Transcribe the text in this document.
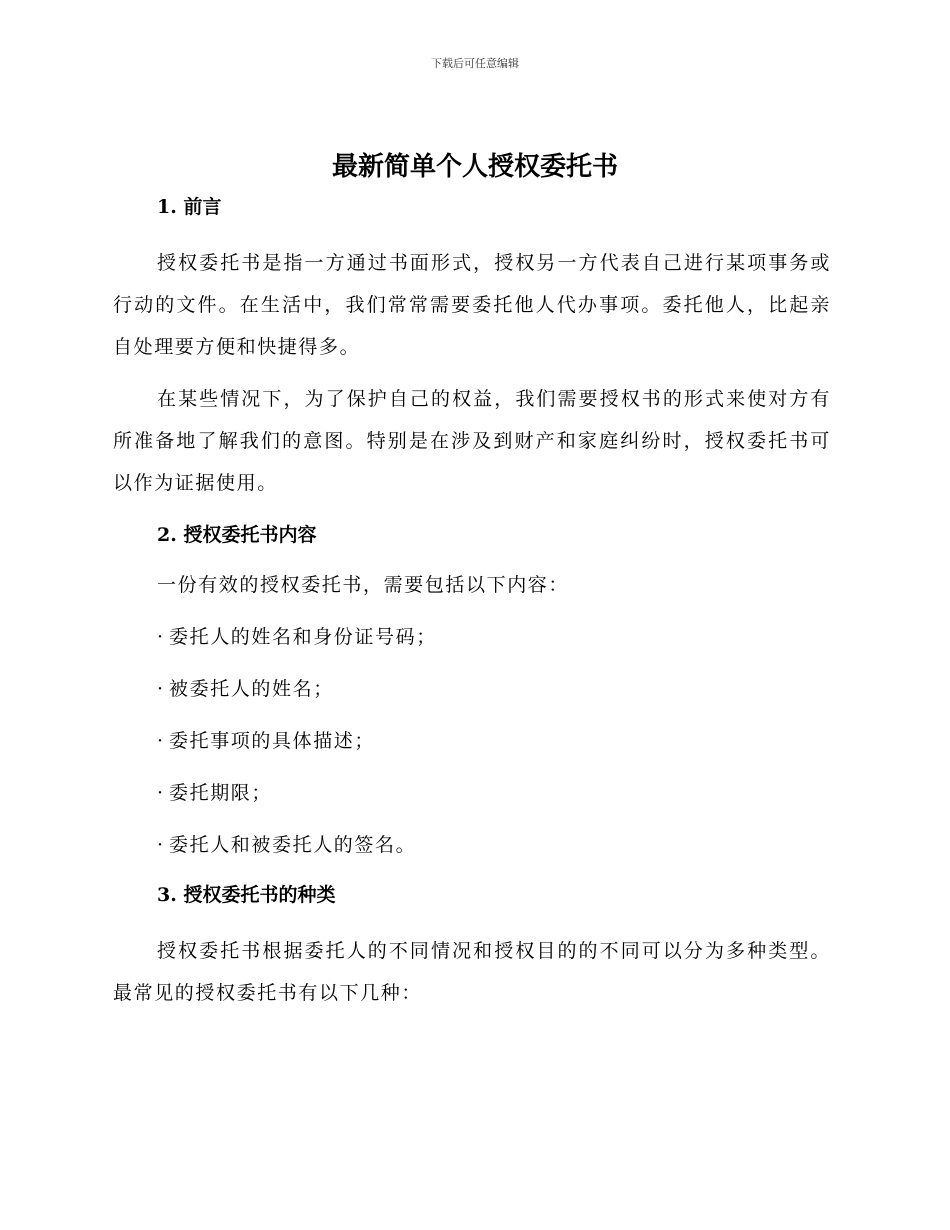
下载后可任意编辑
最新简单个人授权委托书

1. 前言

授权委托书是指一方通过书面形式，授权另一方代表自己进行某项事务或行动的文件。在生活中，我们常常需要委托他人代办事项。委托他人，比起亲自处理要方便和快捷得多。

在某些情况下，为了保护自己的权益，我们需要授权书的形式来使对方有所准备地了解我们的意图。特别是在涉及到财产和家庭纠纷时，授权委托书可以作为证据使用。

2. 授权委托书内容

一份有效的授权委托书，需要包括以下内容：

· 委托人的姓名和身份证号码；

· 被委托人的姓名；

· 委托事项的具体描述；

· 委托期限；

· 委托人和被委托人的签名。

3. 授权委托书的种类

授权委托书根据委托人的不同情况和授权目的的不同可以分为多种类型。最常见的授权委托书有以下几种：
